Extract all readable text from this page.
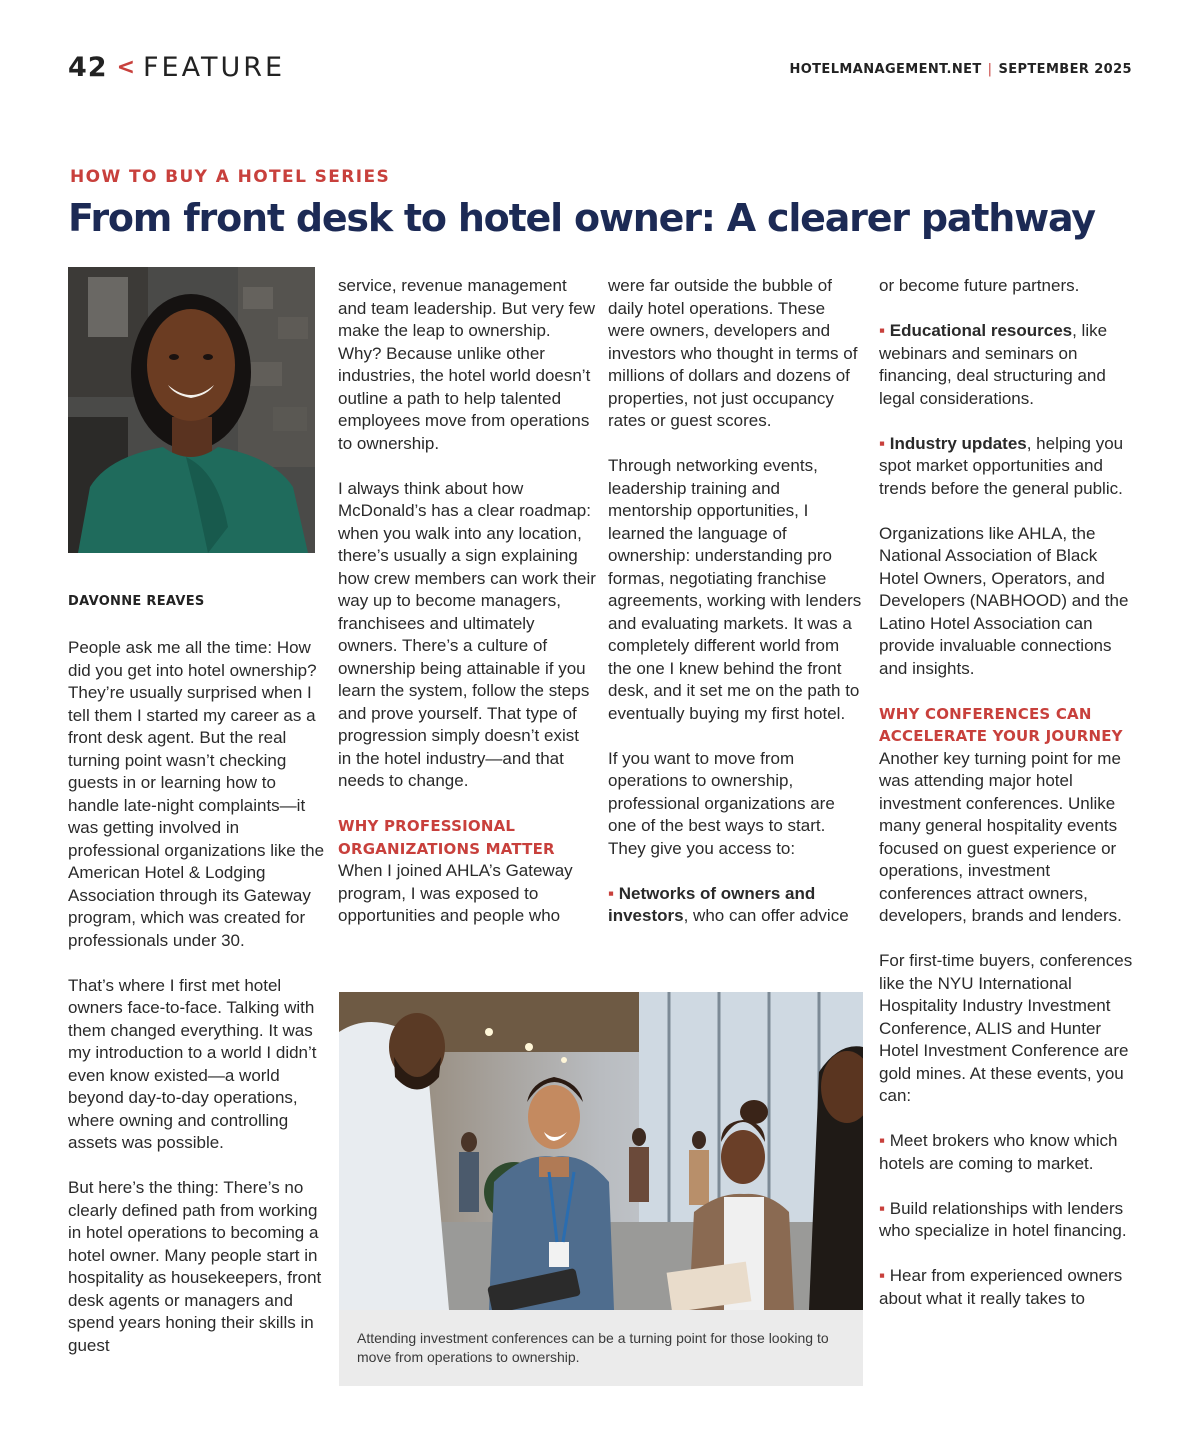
42 < FEATURE	HOTELMANAGEMENT.NET | SEPTEMBER 2025
HOW TO BUY A HOTEL SERIES
From front desk to hotel owner: A clearer pathway

DAVONNE REAVES

People ask me all the time: How did you get into hotel ownership? They’re usually surprised when I tell them I started my career as a front desk agent. But the real turning point wasn’t checking guests in or learning how to handle late-night complaints—it was getting involved in professional organizations like the American Hotel & Lodging Association through its Gateway program, which was created for professionals under 30.

That’s where I first met hotel owners face-to-face. Talking with them changed everything. It was my introduction to a world I didn’t even know existed—a world beyond day-to-day operations, where owning and controlling assets was possible.

But here’s the thing: There’s no clearly defined path from working in hotel operations to becoming a hotel owner. Many people start in hospitality as housekeepers, front desk agents or managers and spend years honing their skills in guest

service, revenue management and team leadership. But very few make the leap to ownership. Why? Because unlike other industries, the hotel world doesn’t outline a path to help talented employees move from operations to ownership.

I always think about how McDonald’s has a clear roadmap: when you walk into any location, there’s usually a sign explaining how crew members can work their way up to become managers, franchisees and ultimately owners. There’s a culture of ownership being attainable if you learn the system, follow the steps and prove yourself. That type of progression simply doesn’t exist in the hotel industry—and that needs to change.

WHY PROFESSIONAL ORGANIZATIONS MATTER

When I joined AHLA’s Gateway program, I was exposed to opportunities and people who

were far outside the bubble of daily hotel operations. These were owners, developers and investors who thought in terms of millions of dollars and dozens of properties, not just occupancy rates or guest scores.

Through networking events, leadership training and mentorship opportunities, I learned the language of ownership: understanding pro formas, negotiating franchise agreements, working with lenders and evaluating markets. It was a completely different world from the one I knew behind the front desk, and it set me on the path to eventually buying my first hotel.

If you want to move from operations to ownership, professional organizations are one of the best ways to start. They give you access to:

▪ Networks of owners and investors, who can offer advice

or become future partners.

▪ Educational resources, like webinars and seminars on financing, deal structuring and legal considerations.

▪ Industry updates, helping you spot market opportunities and trends before the general public.

Organizations like AHLA, the National Association of Black Hotel Owners, Operators, and Developers (NABHOOD) and the Latino Hotel Association can provide invaluable connections and insights.

WHY CONFERENCES CAN ACCELERATE YOUR JOURNEY

Another key turning point for me was attending major hotel investment conferences. Unlike many general hospitality events focused on guest experience or operations, investment conferences attract owners, developers, brands and lenders.

For first-time buyers, conferences like the NYU International Hospitality Industry Investment Conference, ALIS and Hunter Hotel Investment Conference are gold mines. At these events, you can:

▪ Meet brokers who know which hotels are coming to market.

▪ Build relationships with lenders who specialize in hotel financing.

▪ Hear from experienced owners about what it really takes to

Attending investment conferences can be a turning point for those looking to move from operations to ownership.
